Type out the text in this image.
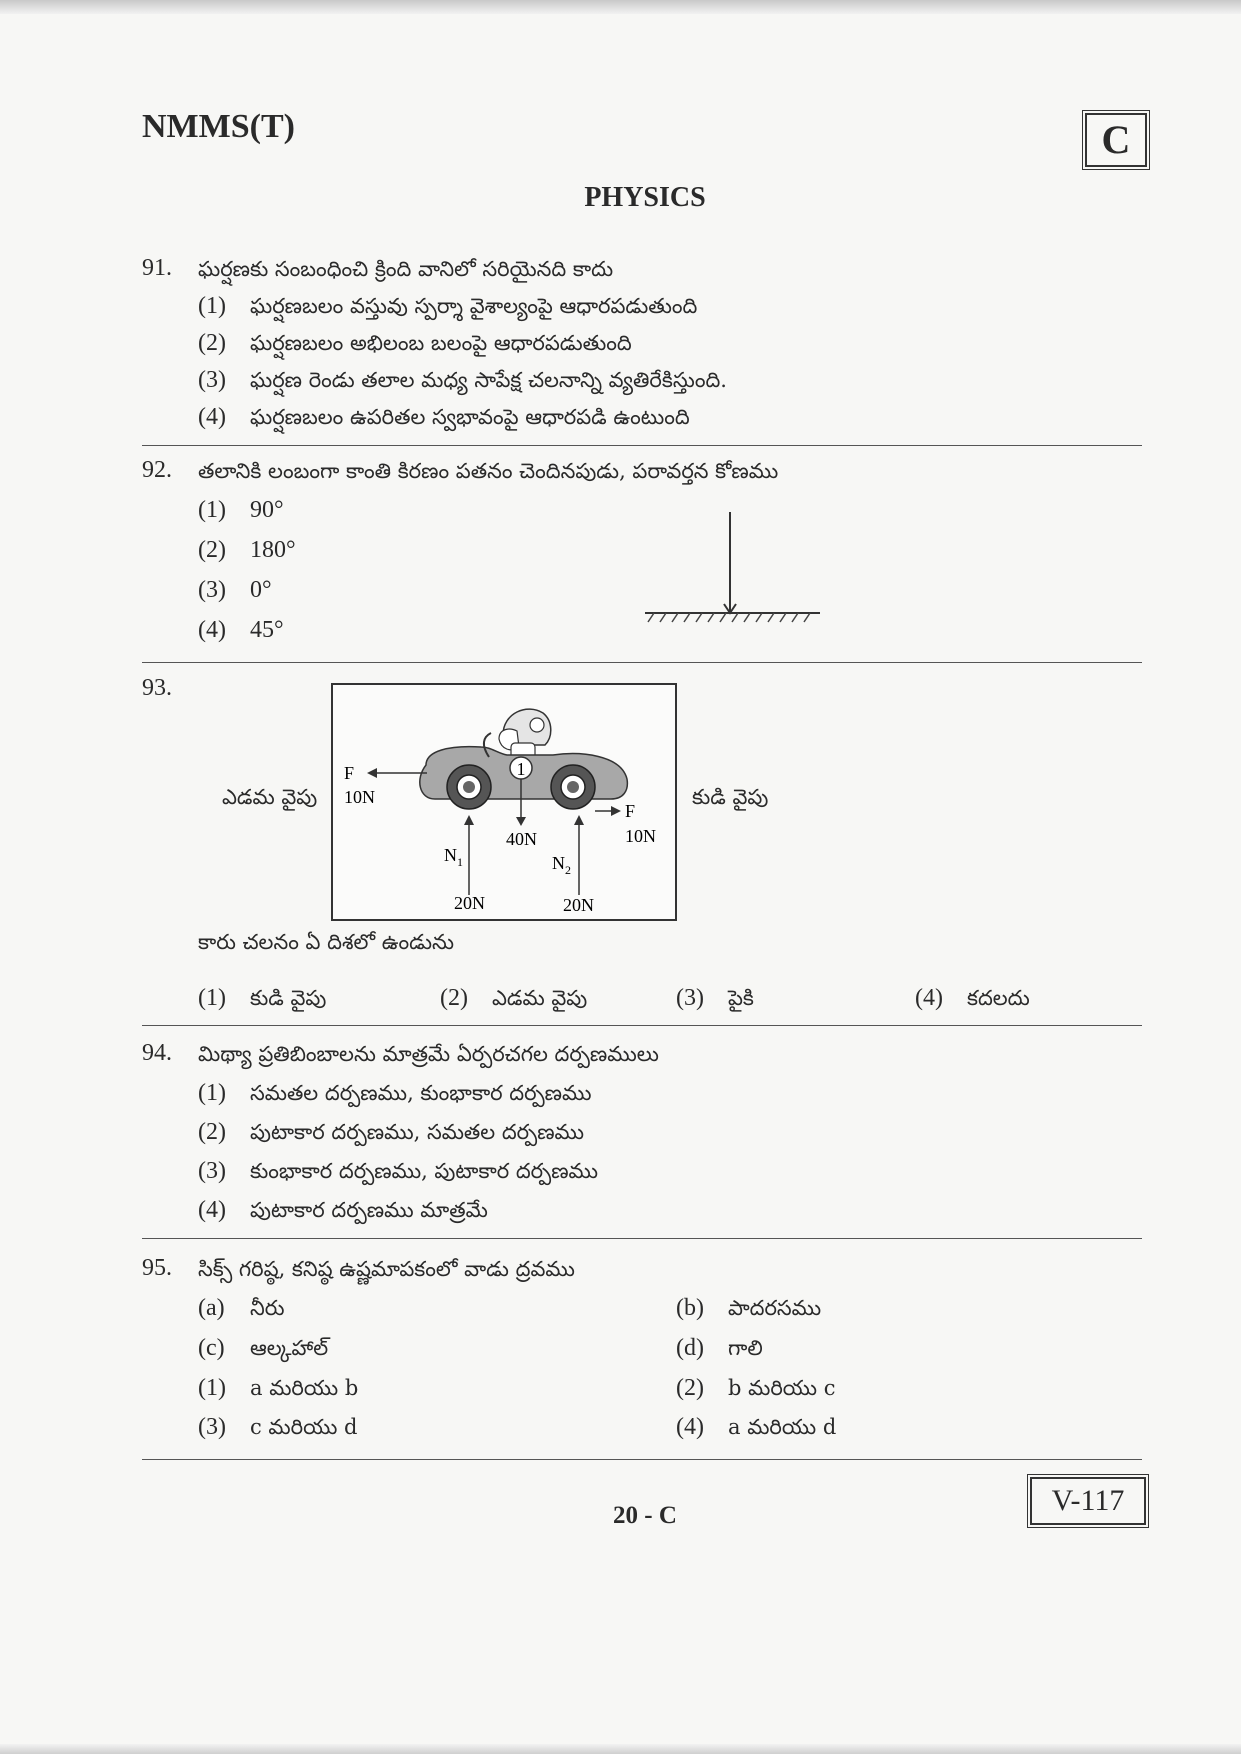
NMMS(T)	C
PHYSICS
91. ఘర్షణకు సంబంధించి క్రింది వానిలో సరియైనది కాదు
(1) ఘర్షణబలం వస్తువు స్పర్శా వైశాల్యంపై ఆధారపడుతుంది
(2) ఘర్షణబలం అభిలంబ బలంపై ఆధారపడుతుంది
(3) ఘర్షణ రెండు తలాల మధ్య సాపేక్ష చలనాన్ని వ్యతిరేకిస్తుంది.
(4) ఘర్షణబలం ఉపరితల స్వభావంపై ఆధారపడి ఉంటుంది
92. తలానికి లంబంగా కాంతి కిరణం పతనం చెందినపుడు, పరావర్తన కోణము
(1) 90°
(2) 180°
(3) 0°
(4) 45°
93.
ఎడమ వైపు	కుడి వైపు
1
40N
F
10N
F
10N
$N_1$
20N
$N_2$
20N
కారు చలనం ఏ దిశలో ఉండును
(1) కుడి వైపు	(2) ఎడమ వైపు	(3) పైకి	(4) కదలదు
94. మిథ్యా ప్రతిబింబాలను మాత్రమే ఏర్పరచగల దర్పణములు
(1) సమతల దర్పణము, కుంభాకార దర్పణము
(2) పుటాకార దర్పణము, సమతల దర్పణము
(3) కుంభాకార దర్పణము, పుటాకార దర్పణము
(4) పుటాకార దర్పణము మాత్రమే
95. సిక్స్ గరిష్ఠ, కనిష్ఠ ఉష్ణమాపకంలో వాడు ద్రవము
(a) నీరు	(b) పాదరసము
(c) ఆల్కహాల్	(d) గాలి
(1) a మరియు b	(2) b మరియు c
(3) c మరియు d	(4) a మరియు d
V-117
20 - C
